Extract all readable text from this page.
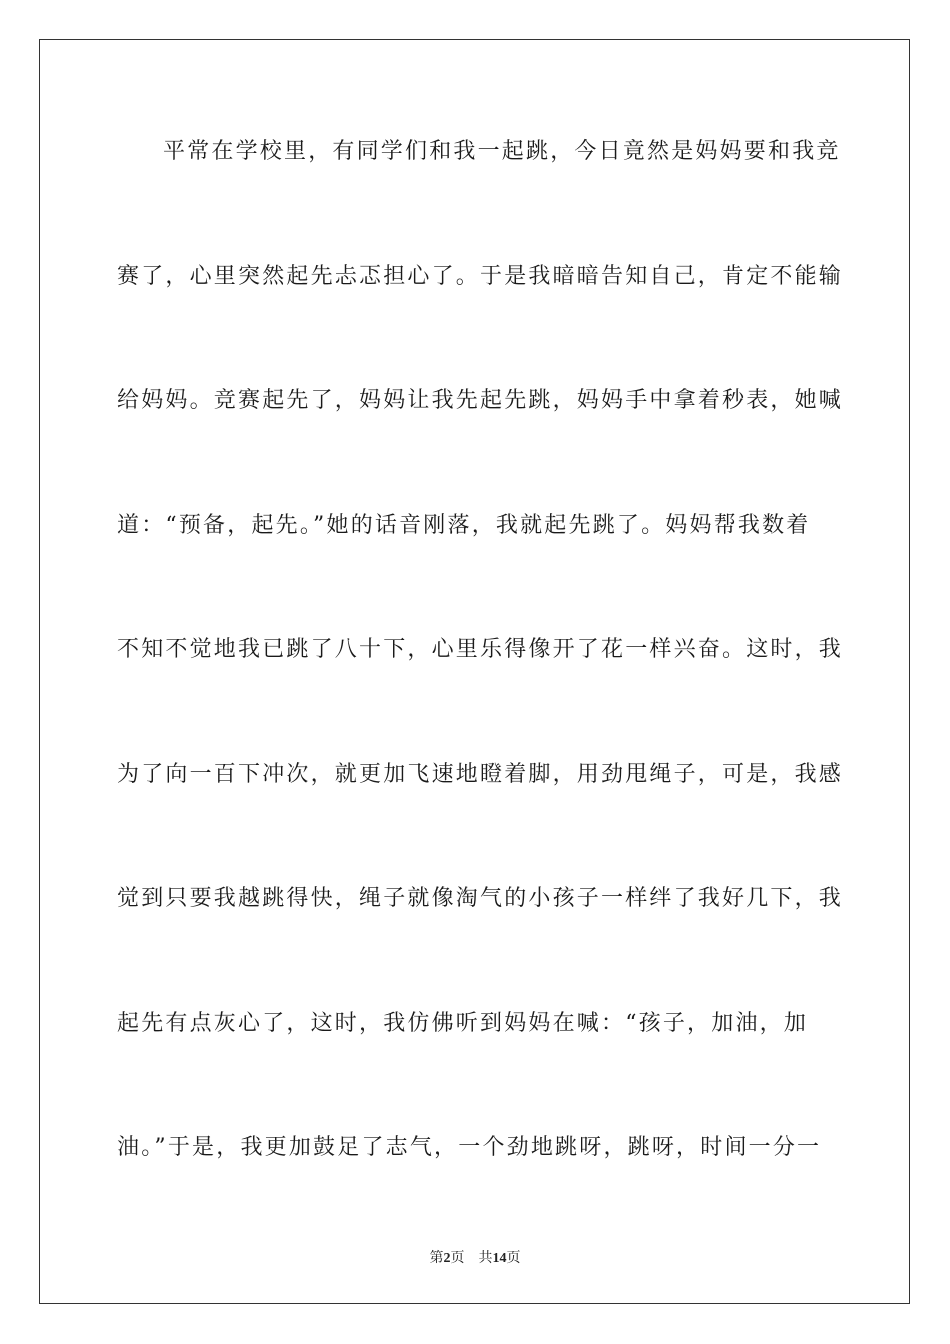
平常在学校里，有同学们和我一起跳，今日竟然是妈妈要和我竞
赛了，心里突然起先忐忑担心了。于是我暗暗告知自己，肯定不能输
给妈妈。竞赛起先了，妈妈让我先起先跳，妈妈手中拿着秒表，她喊
道：“预备，起先。”她的话音刚落，我就起先跳了。妈妈帮我数着
不知不觉地我已跳了八十下，心里乐得像开了花一样兴奋。这时，我
为了向一百下冲次，就更加飞速地瞪着脚，用劲甩绳子，可是，我感
觉到只要我越跳得快，绳子就像淘气的小孩子一样绊了我好几下，我
起先有点灰心了，这时，我仿佛听到妈妈在喊：“孩子，加油，加
油。”于是，我更加鼓足了志气，一个劲地跳呀，跳呀，时间一分一
第2页 共14页
